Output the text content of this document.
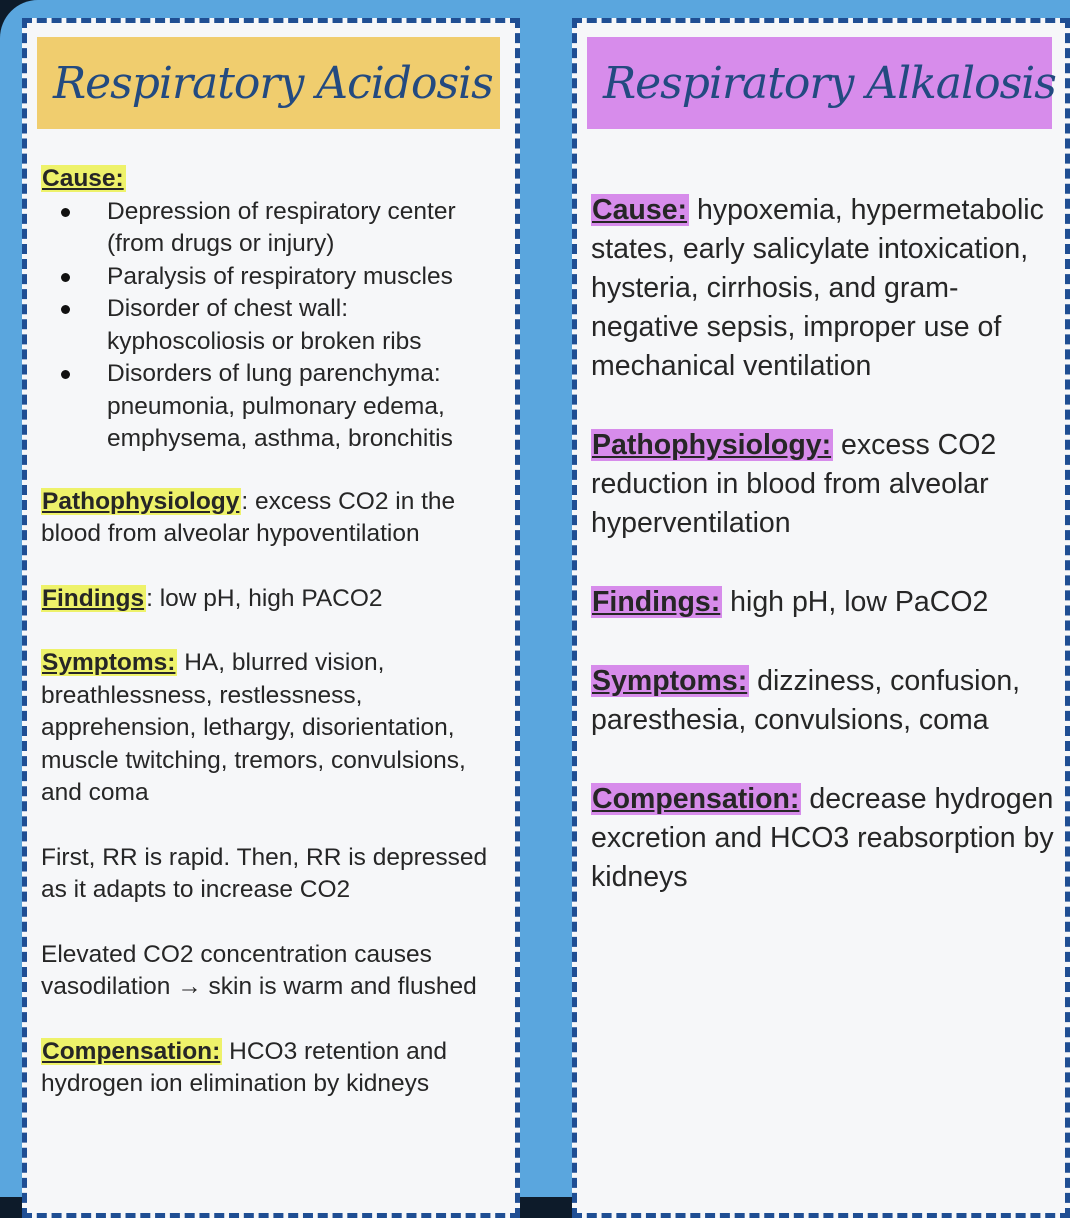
Respiratory Acidosis
Cause:
Depression of respiratory center (from drugs or injury)
Paralysis of respiratory muscles
Disorder of chest wall: kyphoscoliosis or broken ribs
Disorders of lung parenchyma: pneumonia, pulmonary edema, emphysema, asthma, bronchitis

Pathophysiology: excess CO2 in the blood from alveolar hypoventilation

Findings: low pH, high PACO2

Symptoms: HA, blurred vision, breathlessness, restlessness, apprehension, lethargy, disorientation, muscle twitching, tremors, convulsions, and coma

First, RR is rapid. Then, RR is depressed as it adapts to increase CO2

Elevated CO2 concentration causes vasodilation → skin is warm and flushed

Compensation: HCO3 retention and hydrogen ion elimination by kidneys

Respiratory Alkalosis

Cause: hypoxemia, hypermetabolic states, early salicylate intoxication, hysteria, cirrhosis, and gram-negative sepsis, improper use of mechanical ventilation

Pathophysiology: excess CO2 reduction in blood from alveolar hyperventilation

Findings: high pH, low PaCO2

Symptoms: dizziness, confusion, paresthesia, convulsions, coma

Compensation: decrease hydrogen excretion and HCO3 reabsorption by kidneys
